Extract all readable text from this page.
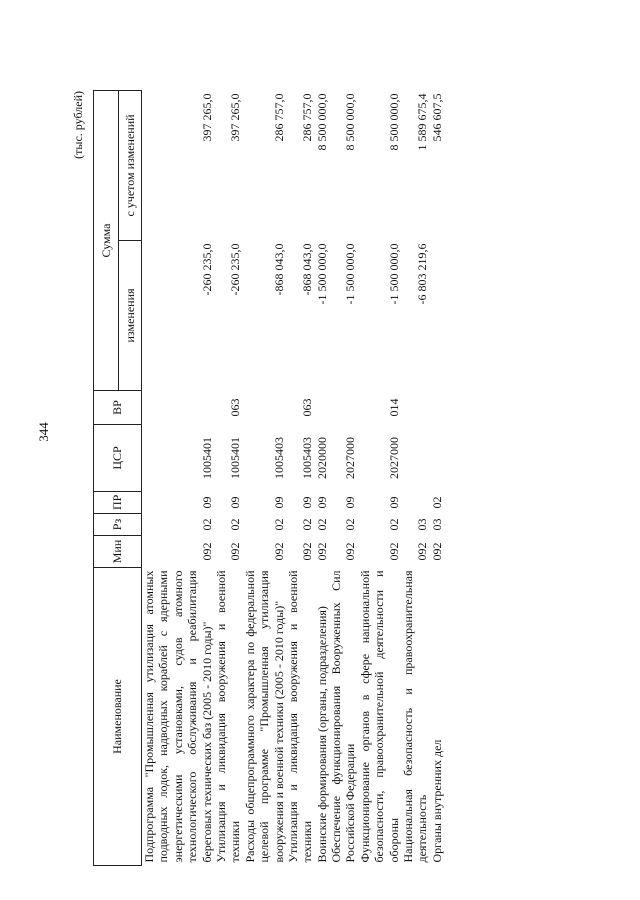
344
(тыс. рублей)
Наименование	Мин	Рз	ПР	ЦСР	ВР	Сумма	
						изменения	с учетом изменений

Подпрограмма "Промышленная утилизация атомных подводных лодок, надводных кораблей с ядерными энергетическими установками, судов атомного технологического обслуживания и реабилитация береговых технических баз (2005 - 2010 годы)"	092	02	09	1005401		-260 235,0	397 265,0
Утилизация и ликвидация вооружения и военной техники	092	02	09	1005401	063	-260 235,0	397 265,0
Расходы общепрограммного характера по федеральной целевой программе "Промышленная утилизация вооружения и военной техники (2005 - 2010 годы)"	092	02	09	1005403		-868 043,0	286 757,0
Утилизация и ликвидация вооружения и военной техники	092	02	09	1005403	063	-868 043,0	286 757,0
Воинские формирования (органы, подразделения)	092	02	09	2020000		-1 500 000,0	8 500 000,0
Обеспечение функционирования Вооруженных Сил Российской Федерации	092	02	09	2027000		-1 500 000,0	8 500 000,0
Функционирование органов в сфере национальной безопасности, правоохранительной деятельности и обороны	092	02	09	2027000	014	-1 500 000,0	8 500 000,0
Национальная безопасность и правоохранительная деятельность	092	03				-6 803 219,6	1 589 675,4
Органы внутренних дел	092	03	02				546 607,5
